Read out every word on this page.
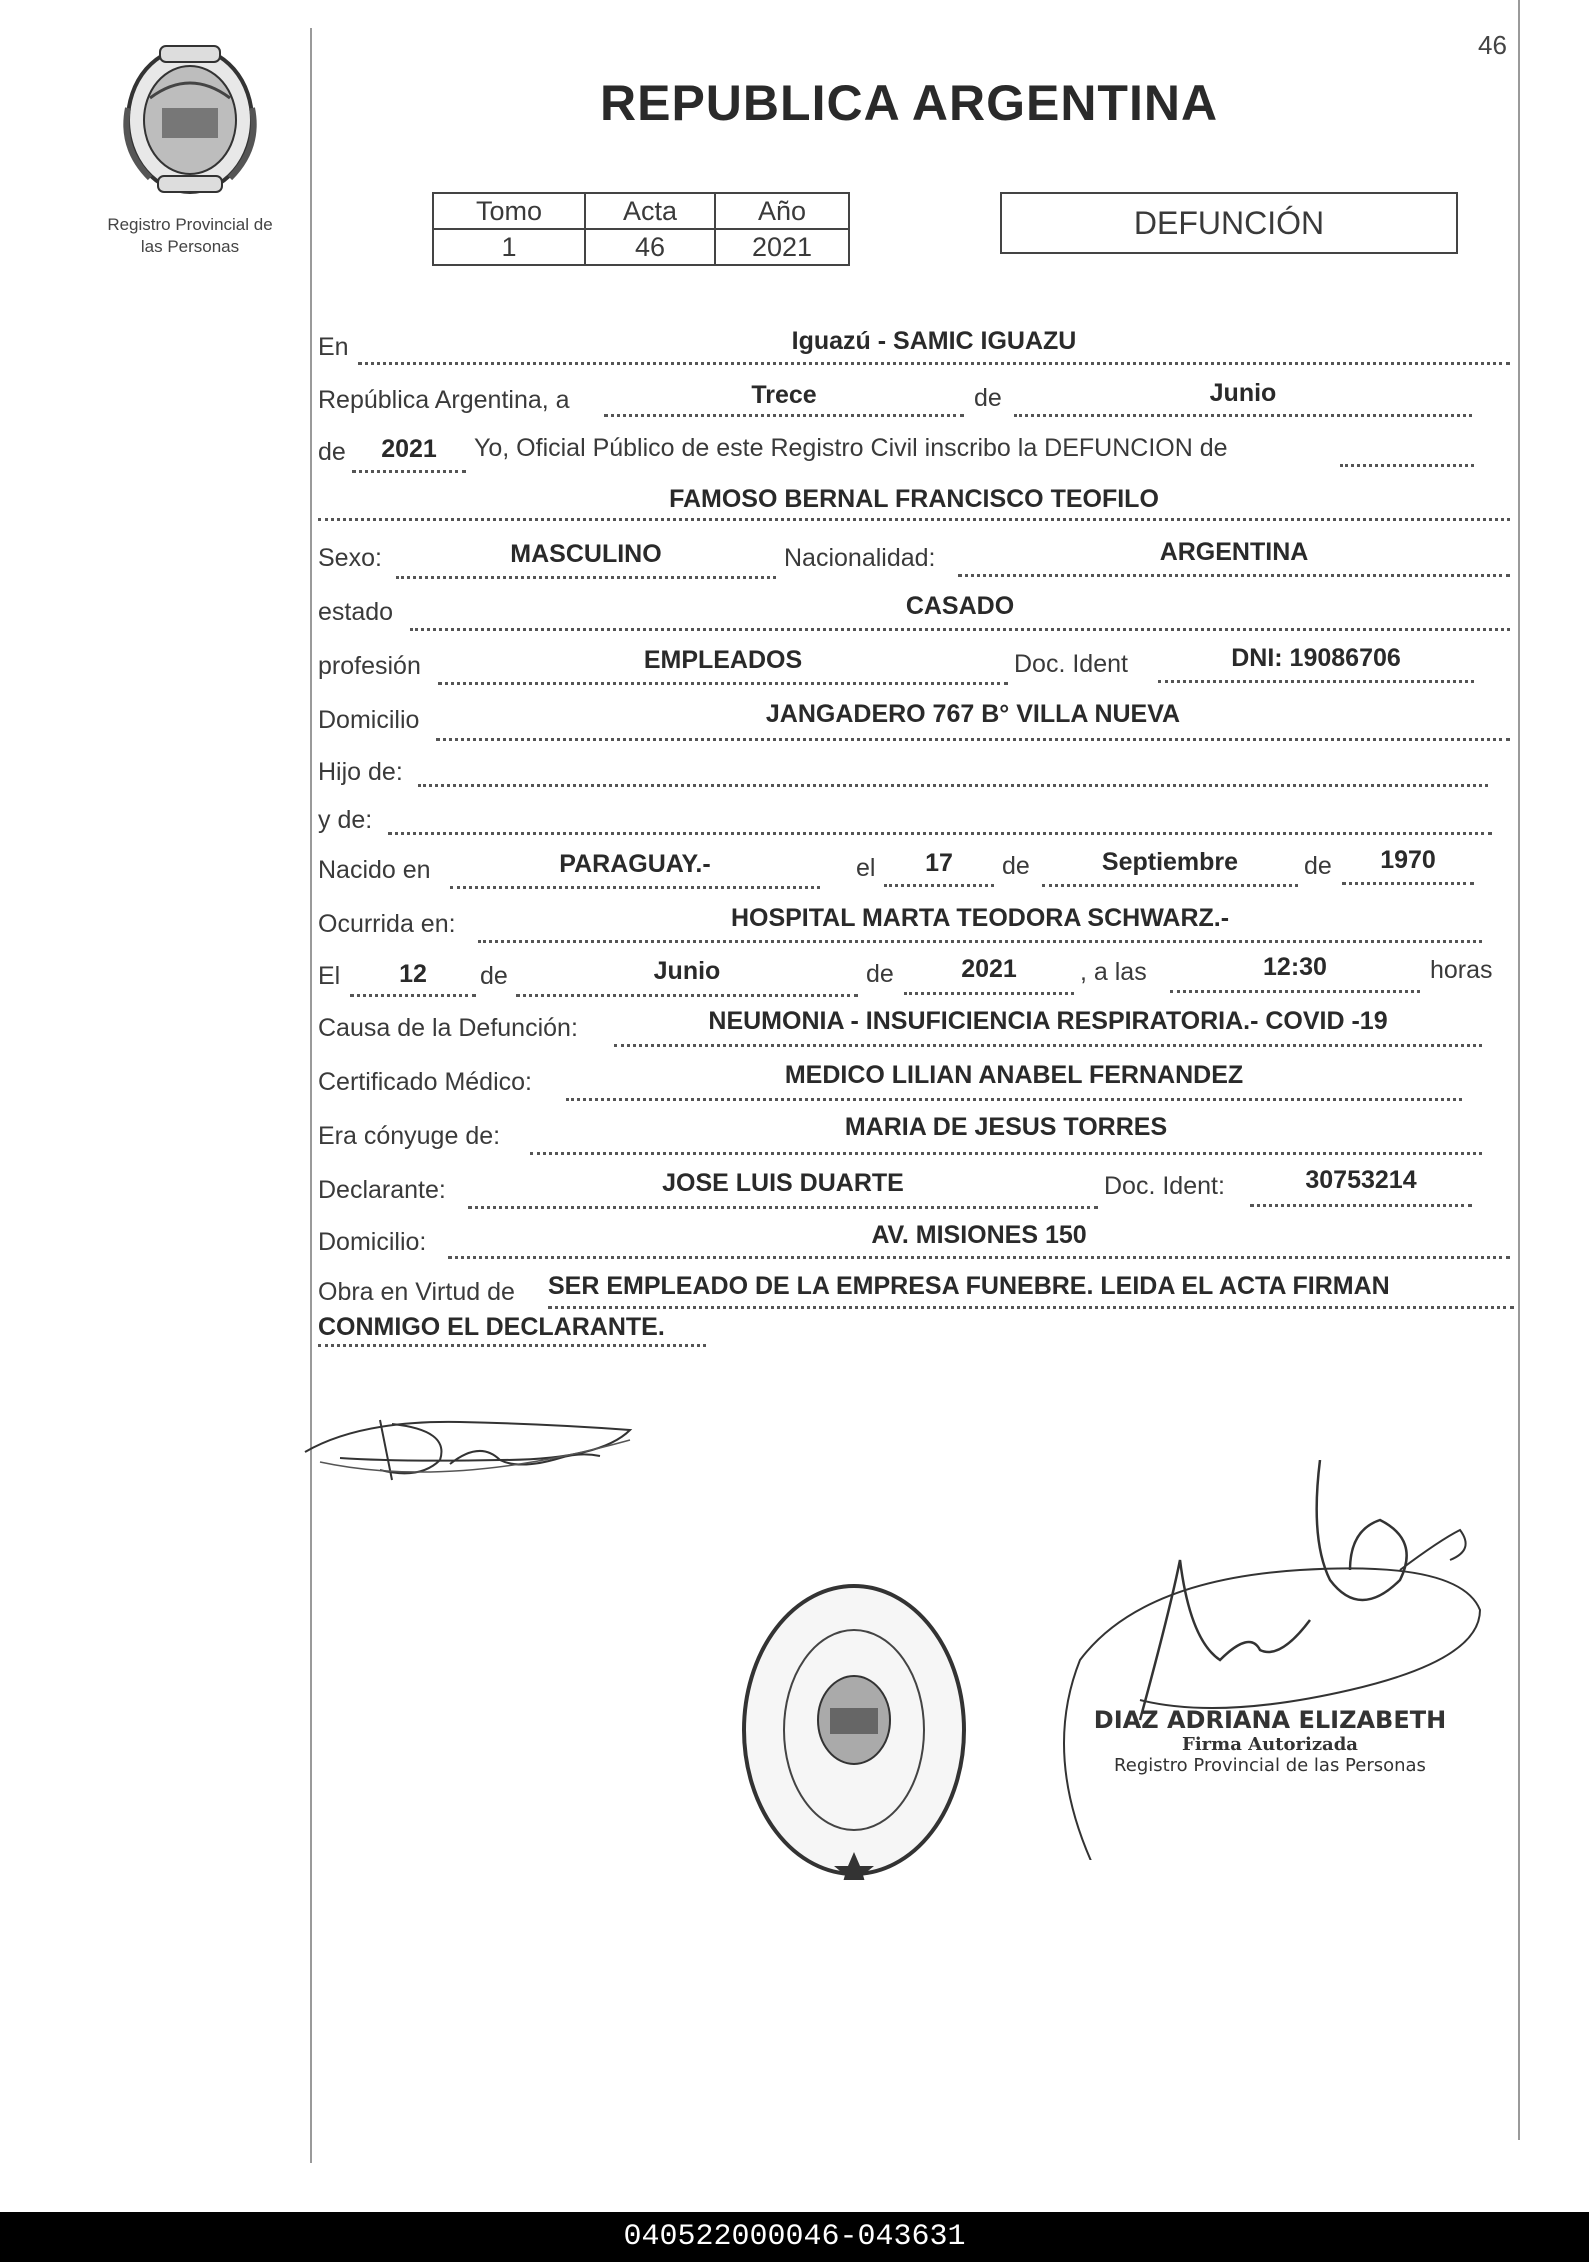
46
Registro Provincial de
las Personas
REPUBLICA ARGENTINA
Tomo	Acta	Año
1	46	2021
DEFUNCIÓN
En	Iguazú - SAMIC IGUAZU
República Argentina, a	Trece	de	Junio
de	2021	Yo, Oficial Público de este Registro Civil inscribo la DEFUNCION de
FAMOSO BERNAL FRANCISCO TEOFILO
Sexo:	MASCULINO	Nacionalidad:	ARGENTINA
estado	CASADO
profesión	EMPLEADOS	Doc. Ident	DNI: 19086706
Domicilio	JANGADERO 767 B° VILLA NUEVA
Hijo de:
y de:
Nacido en	PARAGUAY.-	el	17	de	Septiembre	de	1970
Ocurrida en:	HOSPITAL MARTA TEODORA SCHWARZ.-
El	12	de	Junio	de	2021	, a las	12:30	horas
Causa de la Defunción:	NEUMONIA - INSUFICIENCIA RESPIRATORIA.- COVID -19
Certificado Médico:	MEDICO LILIAN ANABEL FERNANDEZ
Era cónyuge de:	MARIA DE JESUS TORRES
Declarante:	JOSE LUIS DUARTE	Doc. Ident:	30753214
Domicilio:	AV. MISIONES 150
Obra en Virtud de SER EMPLEADO DE LA EMPRESA FUNEBRE. LEIDA EL ACTA FIRMAN
CONMIGO EL DECLARANTE.
DIAZ ADRIANA ELIZABETH
Firma Autorizada
Registro Provincial de las Personas
040522000046-043631
